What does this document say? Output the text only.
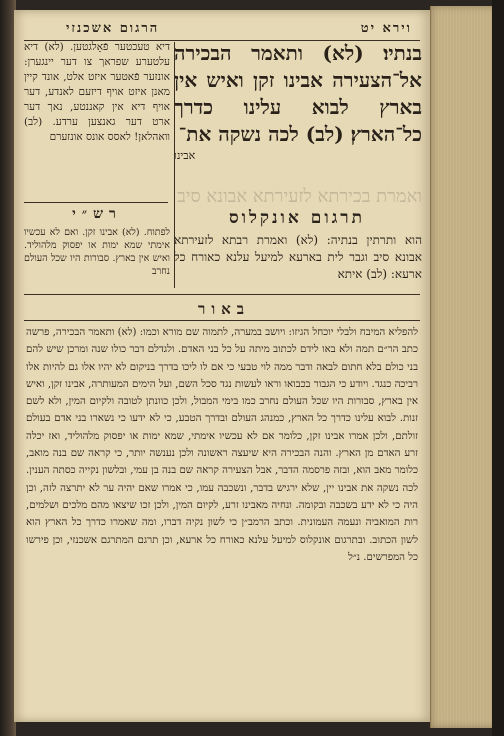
וירא יט
הרגום אשכנזי
בנתיו׃ (לא) ותאמר הבכירה אל־הצעירה אבינו זקן ואיש אין בארץ לבוא עלינו כדרך כל־הארץ׃ (לב) לכה נשקה את־
אבינו
דיא טעכטער פֿאָלגטען. (לא) דיא עלטערע שפראך צו דער יינגערן: אונזער פֿאטער איזט אלט, אונד קיין מאנן איזט אויף דיזעם לאנדע, דער אויף דיא אין קאננטע, נאך דער ארט דער גאנצען ערדע. (לב) וואהלאן! לאסס אונס אונזערם
ואמרת בכירתא לזעירתא אבונא סיב
תרגום אונקלוס
הוא ותרתין בנתיה: (לא) ואמרת רבתא לזעירתא אבונא סיב וגבר לית בארעא למיעל עלנא כאורח כל ארעא: (לב) איתא
רש״י
לפתוח. (לא) אבינו זקן. ואם לא עכשיו אימתי שמא ימות או יפסוק מלהוליד. ואיש אין בארץ. סבורות היו שכל העולם נחרב
באור
להפליא המיבח ולבלי יוכחל הגיזו: ויושב במערה, לתמוה שם מורא וכמו: (לא) ותאמר הבכירה, פרשה כתב הר״ם תמה ולא באו לידם לכתוב מיתה על כל בני האדם. ולגדלם דבר כולו שנה ומרכן שיש להם בני כולם בלא חתום לבאה ודבר ממה לוי טבעי כי אם לו ליכו בדרך בניקום לא יהיו אלו גם להיות אלו רביכה כנגד. ויודע כי הגבור בכבואו וראו לעשות נגד סכל השם, ועל הימים המעותרה, אבינו זקן, ואיש אין בארץ, סבורות היו שכל העולם נחרב כמו בימי המבול, ולכן כוונתן לטובה ולקיום המין, ולא לשם זנות. לבוא עלינו כדרך כל הארץ, כמנהג העולם ובדרך הטבע, כי לא ידעו כי נשארו בני אדם בעולם זולתם, ולכן אמרו אבינו זקן, כלומר אם לא עכשיו אימתי, שמא ימות או יפסוק מלהוליד, ואז יכלה זרע האדם מן הארץ. והנה הבכירה היא שיעצה ראשונה ולכן נענשה יותר, כי קראה שם בנה מואב, כלומר מאב הוא, ובזה פרסמה הדבר, אבל הצעירה קראה שם בנה בן עמי, ובלשון נקייה כסתה הענין. לכה נשקה את אבינו יין, שלא ירגיש בדבר, ונשכבה עמו, כי אמרו שאם יהיה ער לא יתרצה לזה, וכן היה כי לא ידע בשכבה ובקומה. ונחיה מאבינו זרע, לקיום המין, ולכן זכו שיצאו מהם מלכים ושלמים, רות המואביה ונעמה העמונית. וכתב הרמב״ן כי לשון נקיה דברו, ומה שאמרו כדרך כל הארץ הוא לשון הכתוב. ובתרגום אונקלוס למיעל עלנא כאורח כל ארעא, וכן תרגם המתרגם אשכנזי, וכן פירשו כל המפרשים. נ״ל
